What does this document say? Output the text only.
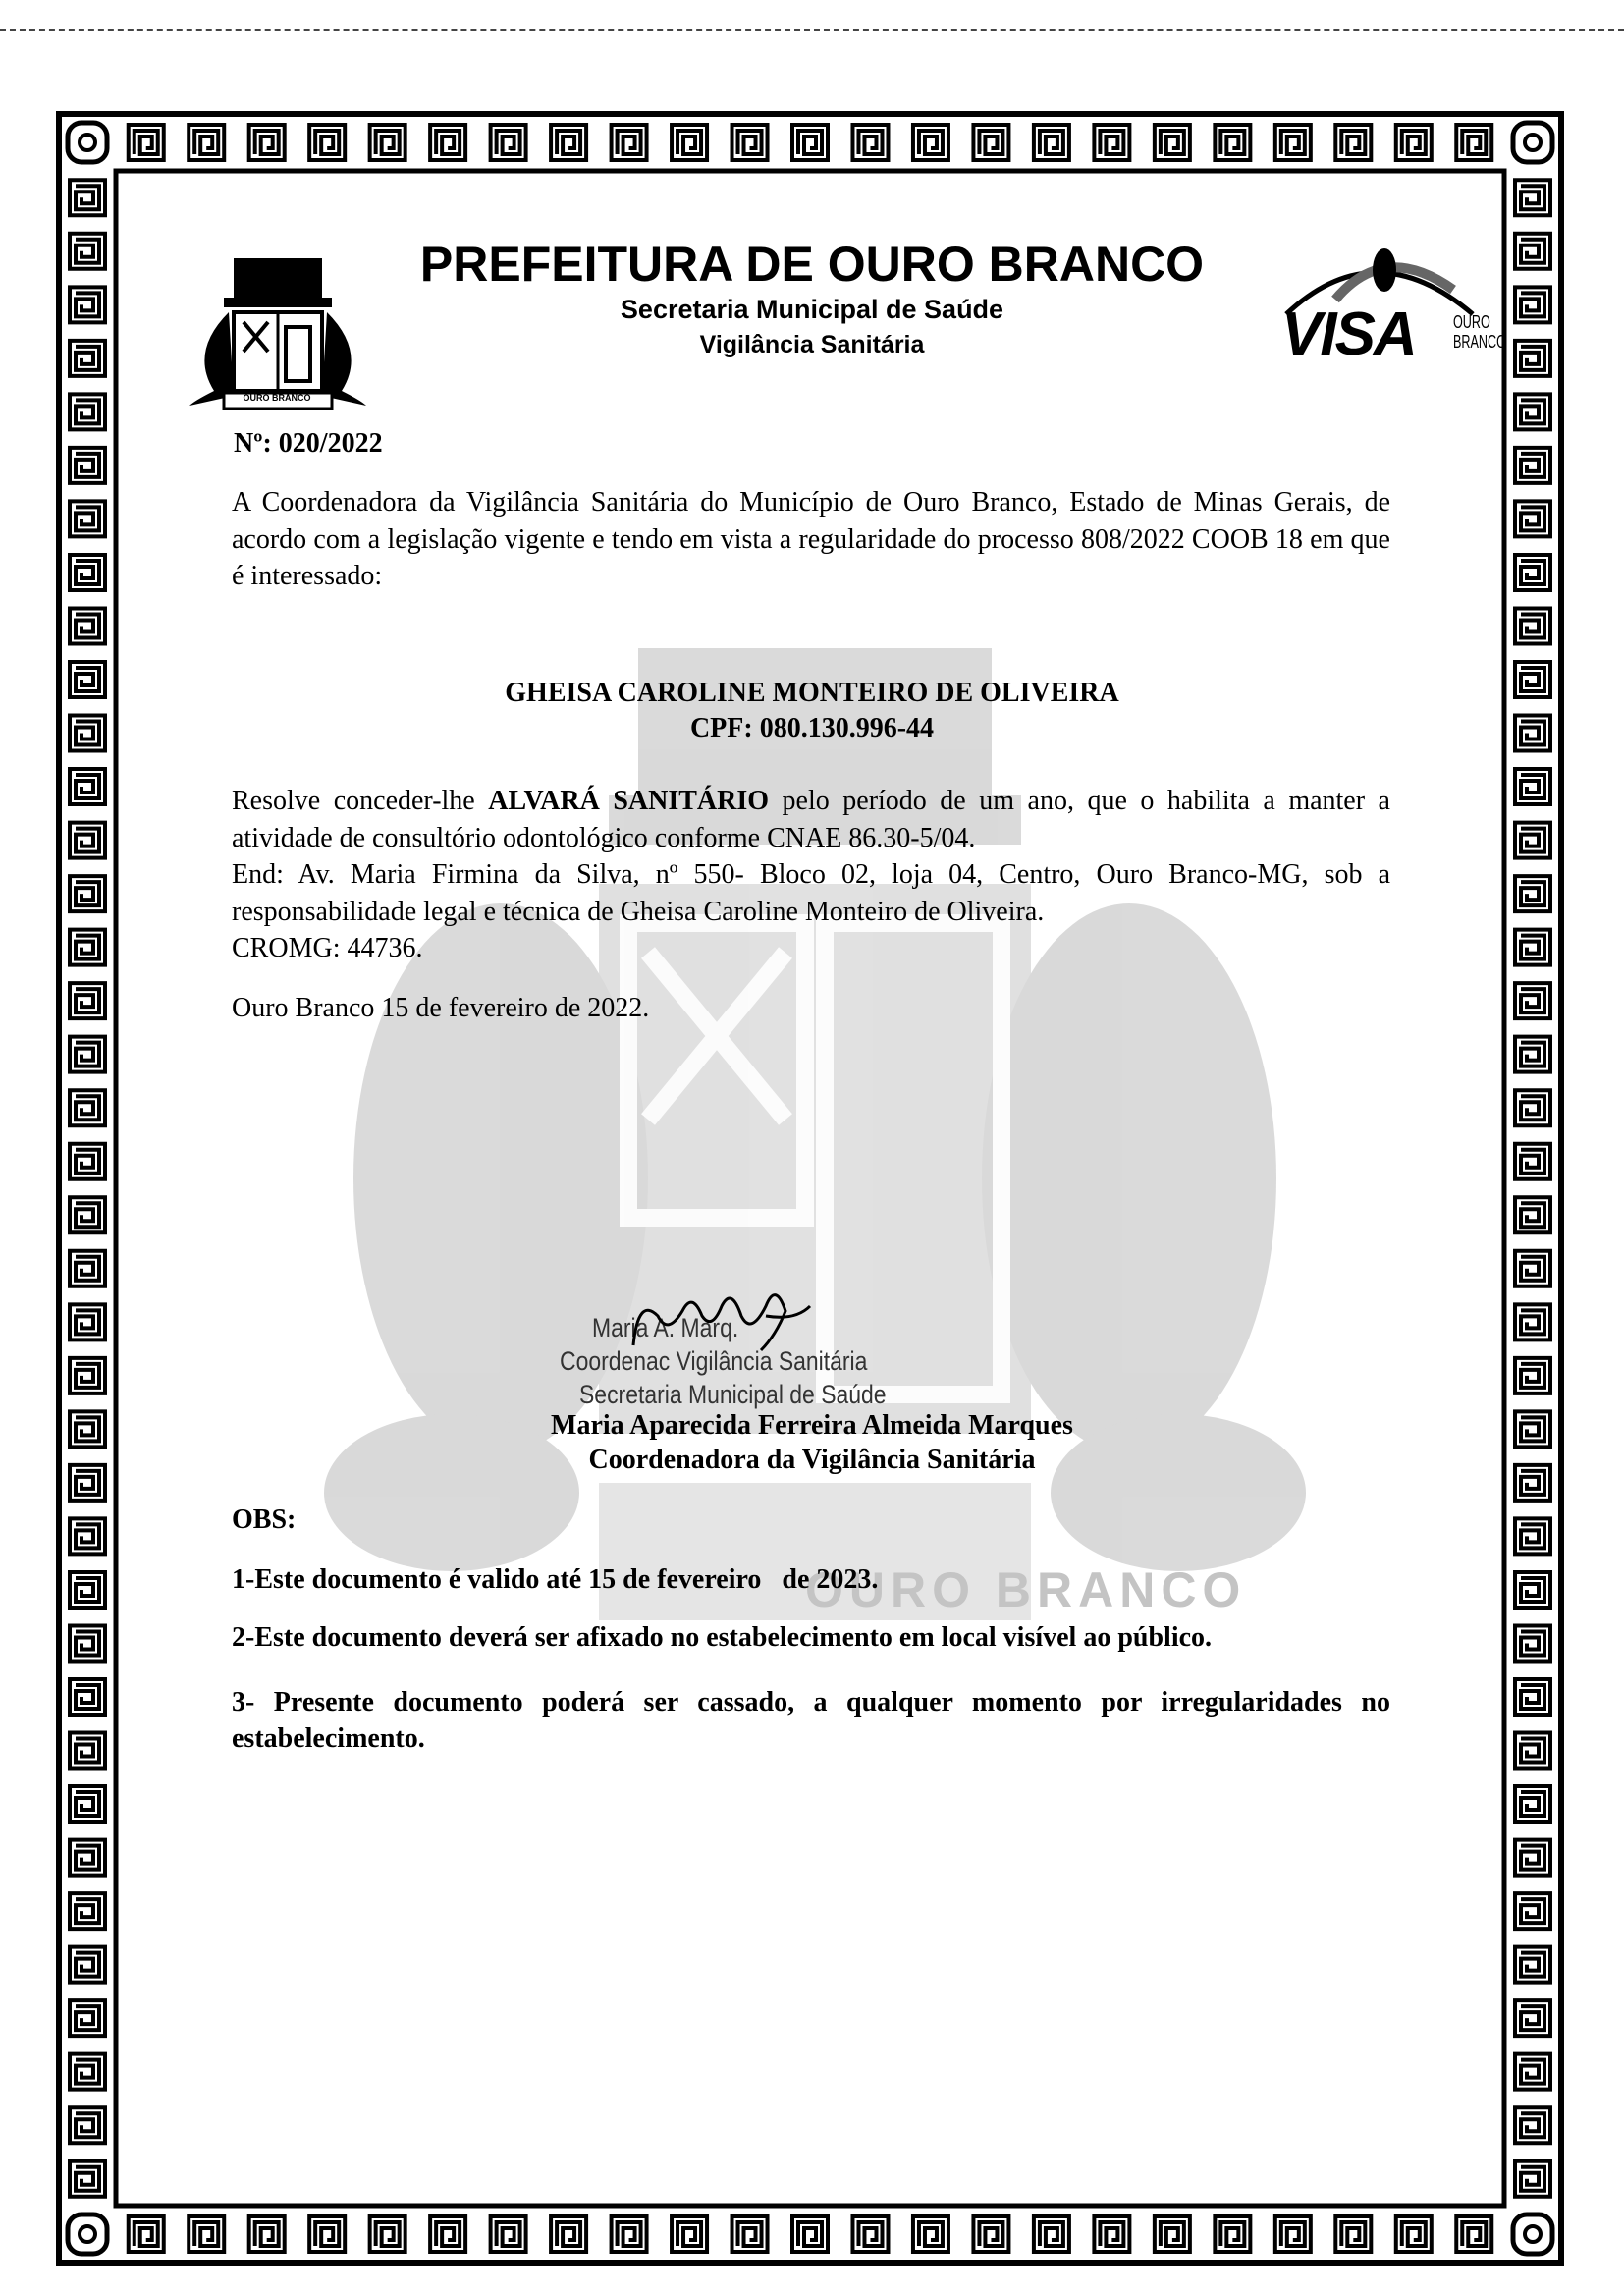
OURO BRANCO
OURO BRANCO
VISA OURO
BRANCO
PREFEITURA DE OURO BRANCO
Secretaria Municipal de Saúde
Vigilância Sanitária
Nº: 020/2022
A Coordenadora da Vigilância Sanitária do Município de Ouro Branco, Estado de Minas Gerais, de acordo com a legislação vigente e tendo em vista a regularidade do processo 808/2022 COOB 18 em que é interessado:
GHEISA CAROLINE MONTEIRO DE OLIVEIRA
CPF: 080.130.996-44
Resolve conceder-lhe ALVARÁ SANITÁRIO pelo período de um ano, que o habilita a manter a atividade de consultório odontológico conforme CNAE 86.30-5/04.
End: Av. Maria Firmina da Silva, nº 550- Bloco 02, loja 04, Centro, Ouro Branco-MG, sob a responsabilidade legal e técnica de Gheisa Caroline Monteiro de Oliveira.
CROMG: 44736.
Ouro Branco 15 de fevereiro de 2022.
Maria A. Marq.
Coordenac Vigilância Sanitária
Secretaria Municipal de Saúde
Maria Aparecida Ferreira Almeida Marques
Coordenadora da Vigilância Sanitária
OBS:
1-Este documento é valido até 15 de fevereiro   de 2023.
2-Este documento deverá ser afixado no estabelecimento em local visível ao público.
3- Presente documento poderá ser cassado, a qualquer momento por irregularidades no estabelecimento.
